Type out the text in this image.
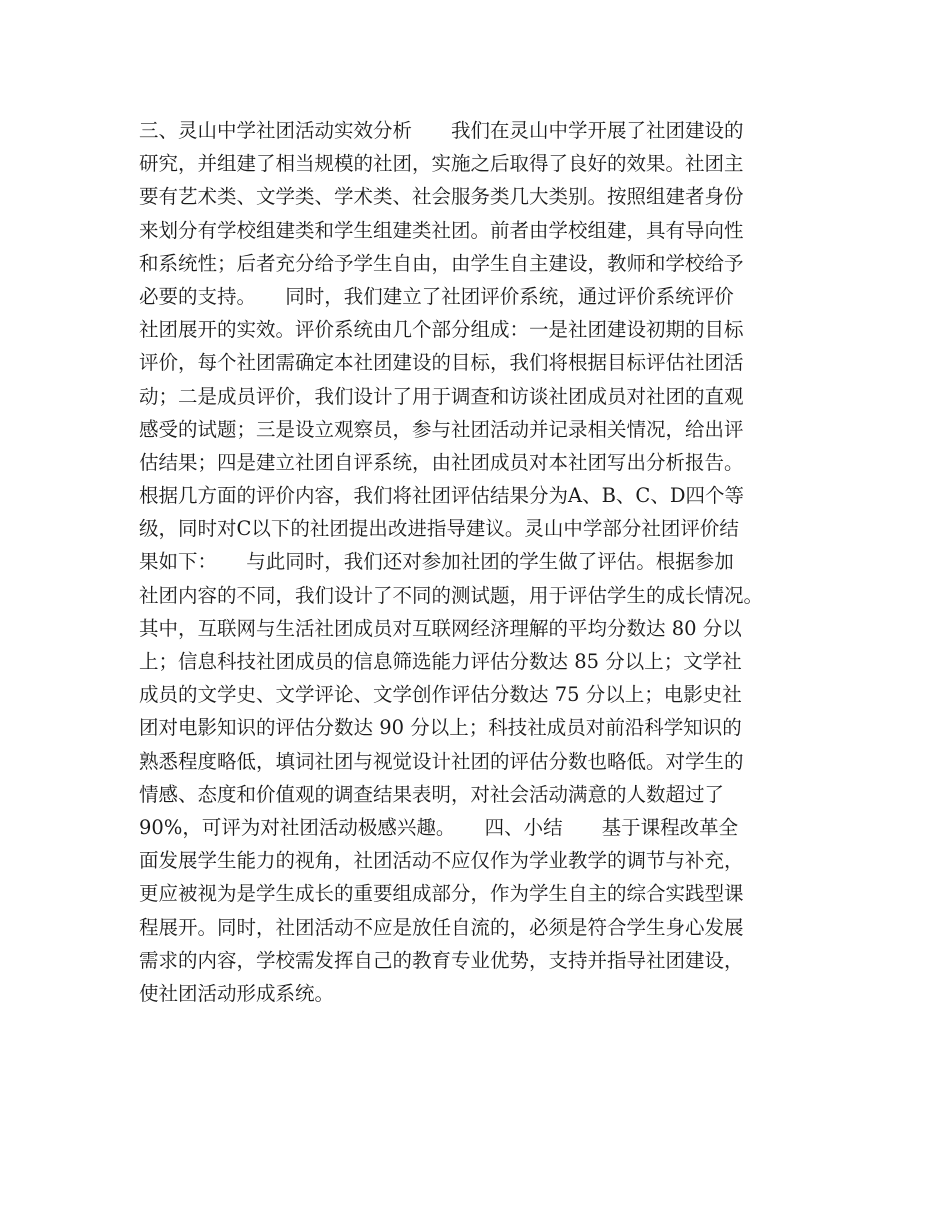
三、灵山中学社团活动实效分析　　我们在灵山中学开展了社团建设的
研究，并组建了相当规模的社团，实施之后取得了良好的效果。社团主
要有艺术类、文学类、学术类、社会服务类几大类别。按照组建者身份
来划分有学校组建类和学生组建类社团。前者由学校组建，具有导向性
和系统性；后者充分给予学生自由，由学生自主建设，教师和学校给予
必要的支持。　　同时，我们建立了社团评价系统，通过评价系统评价
社团展开的实效。评价系统由几个部分组成：一是社团建设初期的目标
评价，每个社团需确定本社团建设的目标，我们将根据目标评估社团活
动；二是成员评价，我们设计了用于调查和访谈社团成员对社团的直观
感受的试题；三是设立观察员，参与社团活动并记录相关情况，给出评
估结果；四是建立社团自评系统，由社团成员对本社团写出分析报告。
根据几方面的评价内容，我们将社团评估结果分为A、B、C、D四个等
级，同时对C以下的社团提出改进指导建议。灵山中学部分社团评价结
果如下：　　与此同时，我们还对参加社团的学生做了评估。根据参加
社团内容的不同，我们设计了不同的测试题，用于评估学生的成长情况。
其中，互联网与生活社团成员对互联网经济理解的平均分数达 80 分以
上；信息科技社团成员的信息筛选能力评估分数达 85 分以上；文学社
成员的文学史、文学评论、文学创作评估分数达 75 分以上；电影史社
团对电影知识的评估分数达 90 分以上；科技社成员对前沿科学知识的
熟悉程度略低，填词社团与视觉设计社团的评估分数也略低。对学生的
情感、态度和价值观的调查结果表明，对社会活动满意的人数超过了
90%，可评为对社团活动极感兴趣。　　四、小结　　基于课程改革全
面发展学生能力的视角，社团活动不应仅作为学业教学的调节与补充，
更应被视为是学生成长的重要组成部分，作为学生自主的综合实践型课
程展开。同时，社团活动不应是放任自流的，必须是符合学生身心发展
需求的内容，学校需发挥自己的教育专业优势，支持并指导社团建设，
使社团活动形成系统。
